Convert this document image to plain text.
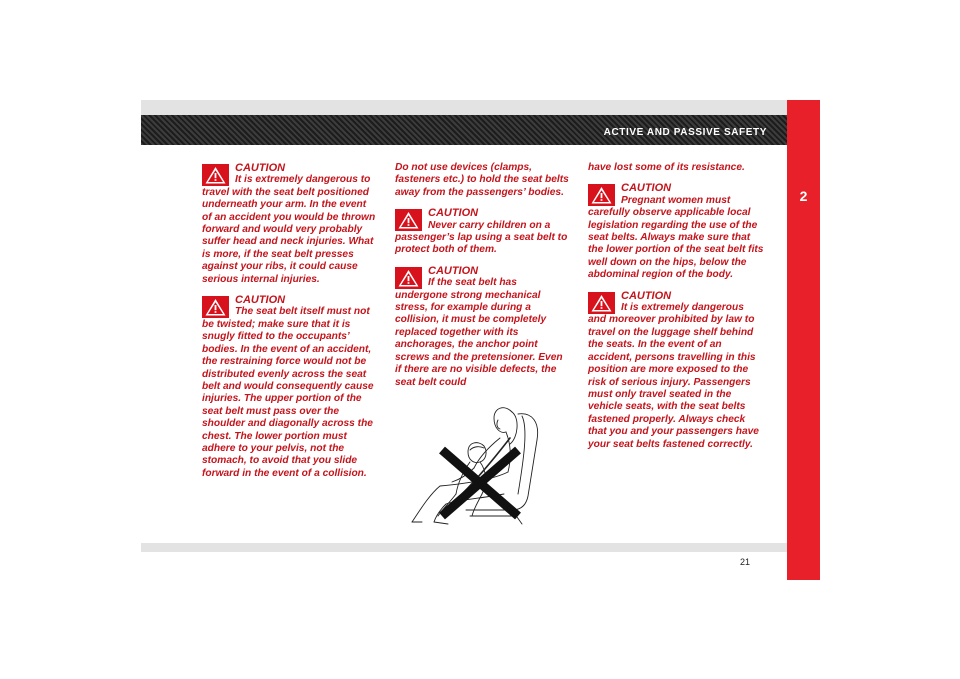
ACTIVE AND PASSIVE SAFETY
2
CAUTION
It is extremely dangerous to travel with the seat belt positioned underneath your arm. In the event of an accident you would be thrown forward and would very probably suffer head and neck injuries. What is more, if the seat belt presses against your ribs, it could cause serious internal injuries.
CAUTION
The seat belt itself must not be twisted; make sure that it is snugly fitted to the occupants’ bodies. In the event of an accident, the restraining force would not be distributed evenly across the seat belt and would consequently cause injuries. The upper portion of the seat belt must pass over the shoulder and diagonally across the chest. The lower portion must adhere to your pelvis, not the stomach, to avoid that you slide forward in the event of a collision.

Do not use devices (clamps, fasteners etc.) to hold the seat belts away from the passengers’ bodies.

CAUTION
Never carry children on a passenger’s lap using a seat belt to protect both of them.
CAUTION
If the seat belt has undergone strong mechanical stress, for example during a collision, it must be completely replaced together with its anchorages, the anchor point screws and the pretensioner. Even if there are no visible defects, the seat belt could

have lost some of its resistance.

CAUTION
Pregnant women must carefully observe applicable local legislation regarding the use of the seat belts. Always make sure that the lower portion of the seat belt fits well down on the hips, below the abdominal region of the body.
CAUTION
It is extremely dangerous and moreover prohibited by law to travel on the luggage shelf behind the seats. In the event of an accident, persons travelling in this position are more exposed to the risk of serious injury. Passengers must only travel seated in the vehicle seats, with the seat belts fastened properly. Always check that you and your passengers have your seat belts fastened correctly.
21
